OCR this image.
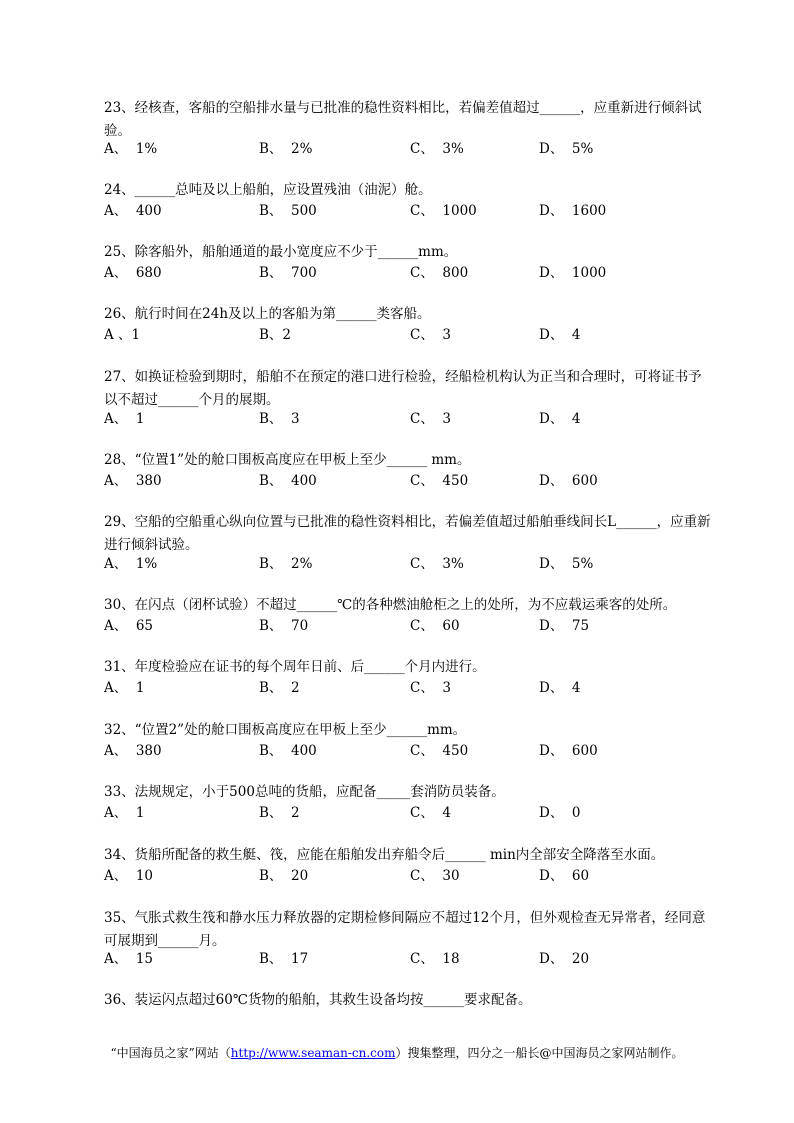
23、经核查，客船的空船排水量与已批准的稳性资料相比，若偏差值超过______，应重新进行倾斜试验。
A、  1%	B、  2%	C、  3%	D、  5%
24、______总吨及以上船舶，应设置残油（油泥）舱。
A、  400	B、  500	C、  1000	D、  1600
25、除客船外，船舶通道的最小宽度应不少于______mm。
A、  680	B、  700	C、  800	D、  1000
26、航行时间在24h及以上的客船为第______类客船。
A 、1	B、2	C、  3	D、  4
27、如换证检验到期时，船舶不在预定的港口进行检验，经船检机构认为正当和合理时，可将证书予以不超过______个月的展期。
A、  1	B、  3	C、  3	D、  4
28、“位置1”处的舱口围板高度应在甲板上至少______ mm。
A、  380	B、  400	C、  450	D、  600
29、空船的空船重心纵向位置与已批准的稳性资料相比，若偏差值超过船舶垂线间长L______，应重新进行倾斜试验。
A、  1%	B、  2%	C、  3%	D、  5%
30、在闪点（闭杯试验）不超过______℃的各种燃油舱柜之上的处所，为不应载运乘客的处所。
A、  65	B、  70	C、  60	D、  75
31、年度检验应在证书的每个周年日前、后______个月内进行。
A、  1	B、  2	C、  3	D、  4
32、“位置2”处的舱口围板高度应在甲板上至少______mm。
A、  380	B、  400	C、  450	D、  600
33、法规规定，小于500总吨的货船，应配备_____套消防员装备。
A、  1	B、  2	C、  4	D、  0
34、货船所配备的救生艇、筏，应能在船舶发出弃船令后______ min内全部安全降落至水面。
A、  10	B、  20	C、  30	D、  60
35、气胀式救生筏和静水压力释放器的定期检修间隔应不超过12个月，但外观检查无异常者，经同意可展期到______月。
A、  15	B、  17	C、  18	D、  20
36、装运闪点超过60℃货物的船舶，其救生设备均按______要求配备。
“中国海员之家”网站（http://www.seaman-cn.com）搜集整理，四分之一船长@中国海员之家网站制作。
